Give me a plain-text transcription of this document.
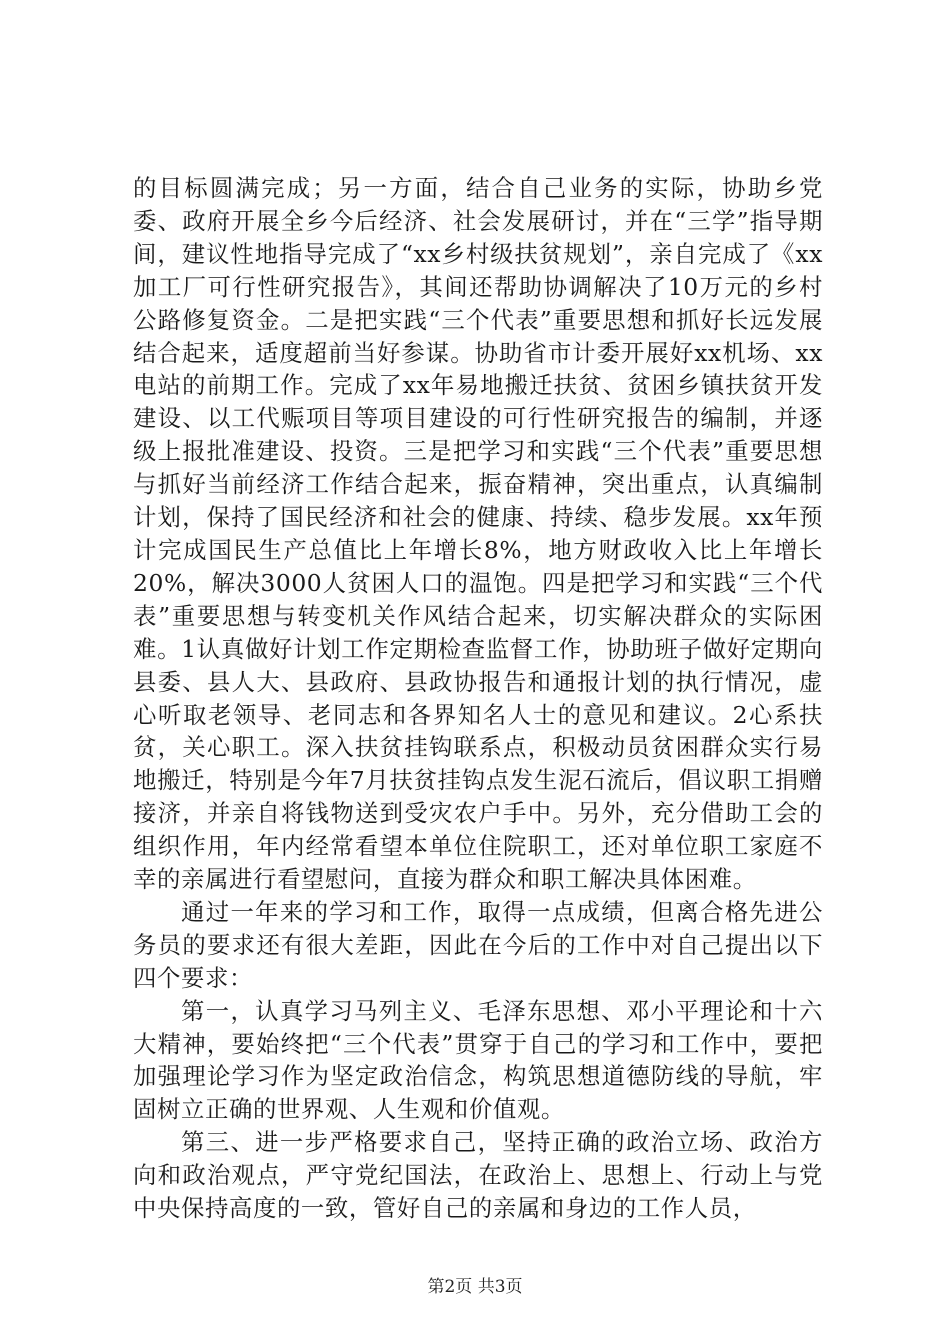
的目标圆满完成；另一方面，结合自己业务的实际，协助乡党委、政府开展全乡今后经济、社会发展研讨，并在“三学”指导期间，建议性地指导完成了“xx乡村级扶贫规划”，亲自完成了《xx加工厂可行性研究报告》，其间还帮助协调解决了10万元的乡村公路修复资金。二是把实践“三个代表”重要思想和抓好长远发展结合起来，适度超前当好参谋。协助省市计委开展好xx机场、xx电站的前期工作。完成了xx年易地搬迁扶贫、贫困乡镇扶贫开发建设、以工代赈项目等项目建设的可行性研究报告的编制，并逐级上报批准建设、投资。三是把学习和实践“三个代表”重要思想与抓好当前经济工作结合起来，振奋精神，突出重点，认真编制计划，保持了国民经济和社会的健康、持续、稳步发展。xx年预计完成国民生产总值比上年增长8%，地方财政收入比上年增长20%，解决3000人贫困人口的温饱。四是把学习和实践“三个代表”重要思想与转变机关作风结合起来，切实解决群众的实际困难。1认真做好计划工作定期检查监督工作，协助班子做好定期向县委、县人大、县政府、县政协报告和通报计划的执行情况，虚心听取老领导、老同志和各界知名人士的意见和建议。2心系扶贫，关心职工。深入扶贫挂钩联系点，积极动员贫困群众实行易地搬迁，特别是今年7月扶贫挂钩点发生泥石流后，倡议职工捐赠接济，并亲自将钱物送到受灾农户手中。另外，充分借助工会的组织作用，年内经常看望本单位住院职工，还对单位职工家庭不幸的亲属进行看望慰问，直接为群众和职工解决具体困难。

通过一年来的学习和工作，取得一点成绩，但离合格先进公务员的要求还有很大差距，因此在今后的工作中对自己提出以下四个要求：

第一，认真学习马列主义、毛泽东思想、邓小平理论和十六大精神，要始终把“三个代表”贯穿于自己的学习和工作中，要把加强理论学习作为坚定政治信念，构筑思想道德防线的导航，牢固树立正确的世界观、人生观和价值观。

第三、进一步严格要求自己，坚持正确的政治立场、政治方向和政治观点，严守党纪国法，在政治上、思想上、行动上与党中央保持高度的一致，管好自己的亲属和身边的工作人员，

第2页 共3页
